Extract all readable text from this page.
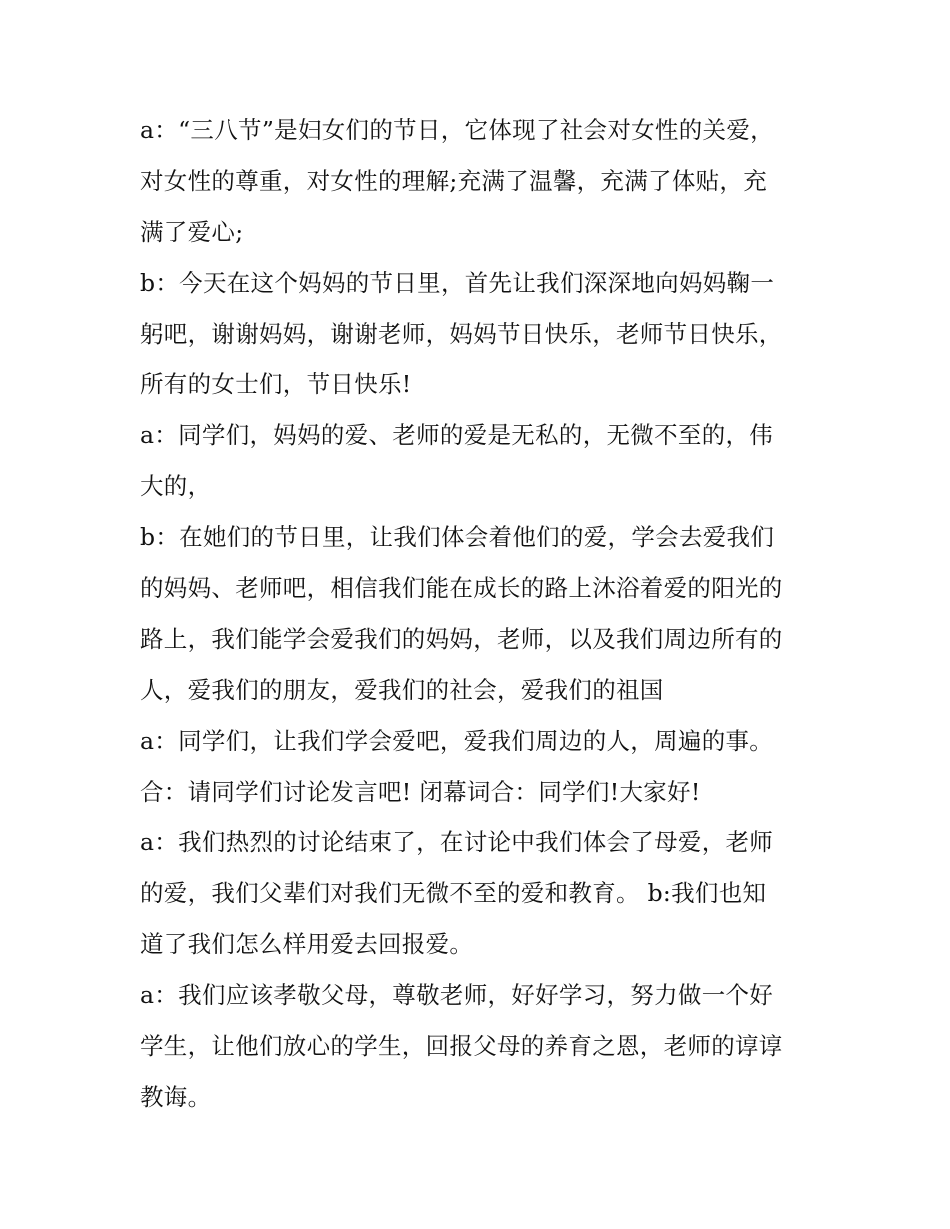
a：“三八节”是妇女们的节日，它体现了社会对女性的关爱，
对女性的尊重，对女性的理解;充满了温馨，充满了体贴，充
满了爱心;
b：今天在这个妈妈的节日里，首先让我们深深地向妈妈鞠一
躬吧，谢谢妈妈，谢谢老师，妈妈节日快乐，老师节日快乐，
所有的女士们，节日快乐!
a：同学们，妈妈的爱、老师的爱是无私的，无微不至的，伟
大的，
b：在她们的节日里，让我们体会着他们的爱，学会去爱我们
的妈妈、老师吧，相信我们能在成长的路上沐浴着爱的阳光的
路上，我们能学会爱我们的妈妈，老师，以及我们周边所有的
人，爱我们的朋友，爱我们的社会，爱我们的祖国
a：同学们，让我们学会爱吧，爱我们周边的人，周遍的事。
合：请同学们讨论发言吧! 闭幕词合：同学们!大家好!
a：我们热烈的讨论结束了，在讨论中我们体会了母爱，老师
的爱，我们父辈们对我们无微不至的爱和教育。 b:我们也知
道了我们怎么样用爱去回报爱。
a：我们应该孝敬父母，尊敬老师，好好学习，努力做一个好
学生，让他们放心的学生，回报父母的养育之恩，老师的谆谆
教诲。
